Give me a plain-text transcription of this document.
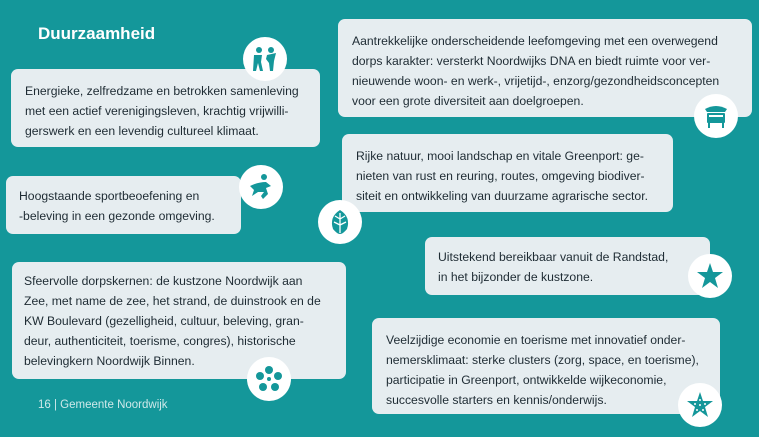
Duurzaamheid
Energieke, zelfredzame en betrokken samenleving
met een actief verenigingsleven, krachtig vrijwilli-
gerswerk en een levendig cultureel klimaat.
Hoogstaande sportbeoefening en
-beleving in een gezonde omgeving.
Sfeervolle dorpskernen: de kustzone Noordwijk aan
Zee, met name de zee, het strand, de duinstrook en de
KW Boulevard (gezelligheid, cultuur, beleving, gran-
deur, authenticiteit, toerisme, congres), historische
belevingkern Noordwijk Binnen.
Aantrekkelijke onderscheidende leefomgeving met een overwegend
dorps karakter: versterkt Noordwijks DNA en biedt ruimte voor ver-
nieuwende woon- en werk-, vrijetijd-, enzorg/gezondheidsconcepten
voor een grote diversiteit aan doelgroepen.
Rijke natuur, mooi landschap en vitale Greenport: ge-
nieten van rust en reuring, routes, omgeving biodiver-
siteit en ontwikkeling van duurzame agrarische sector.
Uitstekend bereikbaar vanuit de Randstad,
in het bijzonder de kustzone.
Veelzijdige economie en toerisme met innovatief onder-
nemersklimaat: sterke clusters (zorg, space, en toerisme),
participatie in Greenport, ontwikkelde wijkeconomie,
succesvolle starters en kennis/onderwijs.
16 | Gemeente Noordwijk
